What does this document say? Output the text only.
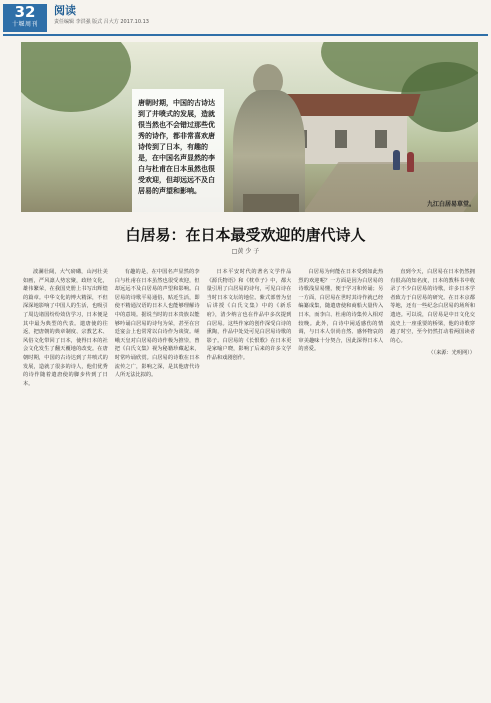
32
十堰周刊
阅读
责任编辑 李洪强 版式 吕大方 2017.10.13
唐朝时期，中国的古诗达到了井喷式的发展，造就很当然也不会错过那些优秀的诗作，都非常喜欢唐诗传到了日本，有趣的是，在中国名声显然的李白与杜甫在日本虽然也很受欢迎，但却远远不及白居易的声望和影响。
九江白居易草堂。
白居易：在日本最受欢迎的唐代诗人
□黄 少 子

波澜壮阔，大气磅礴，山河壮美如画，严风凛人势宏聚，政经文化，雄伟繁荣，在我国史册上书写出辉煌的篇章。中华文化的博大精深，不但深深地影响了中国人的生活，也吸引了周边诸国纷纷效仿学习，日本便是其中最为典型的代表。遣唐使的往返，把唐朝的典章制度、宗教艺术、风俗文化带回了日本，使得日本的社会文化发生了翻天覆地的改变。在唐朝时期，中国的古诗达到了井喷式的发展，造就了很多的诗人，他们优秀的诗作随着遣唐使的脚步传到了日本。

有趣的是，在中国名声显然的李白与杜甫在日本虽然也很受欢迎，但却远远不及白居易的声望和影响。白居易的诗歌平易通俗，贴近生活，即使不精通汉语的日本人也能够理解诗中的意境。据说当时的日本贵族以能够吟诵白居易的诗句为荣，甚至在宫廷宴会上也常常以白诗作为谈资。嵯峨天皇对白居易的诗作极为推崇，曾把《白氏文集》视为秘籍珍藏起来，时常吟诵欣赏。白居易的诗歌在日本流传之广，影响之深，是其他唐代诗人所无法比拟的。

日本平安时代的著名文学作品《源氏物语》和《枕草子》中，都大量引用了白居易的诗句，可见白诗在当时日本文坛的地位。紫式部曾为皇后讲授《白氏文集》中的《新乐府》，清少纳言也在作品中多次提到白居易。这些作家的创作深受白诗的熏陶，作品中处处可见白居易诗歌的影子。白居易的《长恨歌》在日本更是家喻户晓，影响了后来的许多文学作品和戏剧创作。

白居易为何能在日本受到如此热烈的欢迎呢？一方面是因为白居易的诗歌浅显易懂，便于学习和传诵；另一方面，白居易在世时其诗作就已经编纂成集，随遣唐使和商船大量传入日本，而李白、杜甫的诗集传入相对较晚。此外，白诗中闲适感伤的情调，与日本人崇尚自然、感怀物哀的审美趣味十分契合，因此深得日本人的喜爱。

直到今天，白居易在日本仍然拥有很高的知名度，日本的教科书中收录了不少白居易的诗歌，许多日本学者致力于白居易的研究。在日本京都等地，还有一些纪念白居易的场所和遗迹。可以说，白居易是中日文化交流史上一座重要的桥梁，他的诗歌穿越了时空，至今仍然打动着两国读者的心。

（（来源：光明网））
